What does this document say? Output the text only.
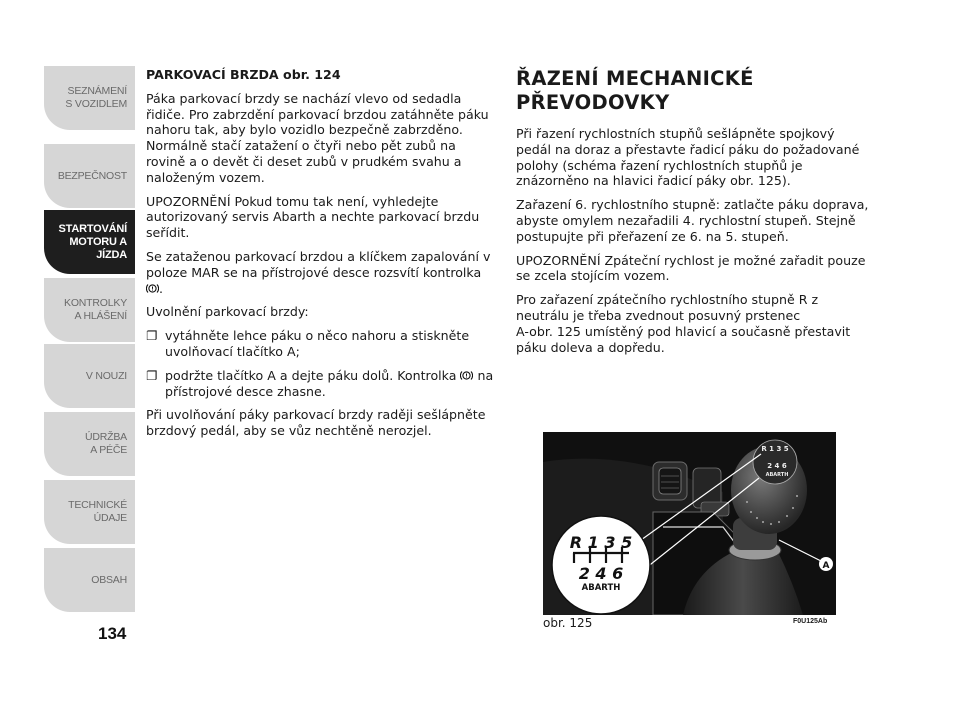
SEZNÁMENÍ
S VOZIDLEM
BEZPEČNOST
STARTOVÁNÍ
MOTORU A JÍZDA
KONTROLKY
A HLÁŠENÍ
V NOUZI
ÚDRŽBA
A PÉČE
TECHNICKÉ
ÚDAJE
OBSAH
134

PARKOVACÍ BRZDA obr. 124

Páka parkovací brzdy se nachází vlevo od sedadla řidiče. Pro zabrzdění parkovací brzdou zatáhněte páku nahoru tak, aby bylo vozidlo bezpečně zabrzděno. Normálně stačí zatažení o čtyři nebo pět zubů na rovině a o devět či deset zubů v prudkém svahu a naloženým vozem.

UPOZORNĚNÍ Pokud tomu tak není, vyhledejte autorizovaný servis Abarth a nechte parkovací brzdu seřídit.

Se zataženou parkovací brzdou a klíčkem zapalování v poloze MAR se na přístrojové desce rozsvítí kontrolka
! .

Uvolnění parkovací brzdy:

❐ vytáhněte lehce páku o něco nahoru a stiskněte uvolňovací tlačítko A;
❐ podržte tlačítko A a dejte páku dolů. Kontrolka ! na přístrojové desce zhasne.

Při uvolňování páky parkovací brzdy raději sešlápněte brzdový pedál, aby se vůz nechtěně nerozjel.

ŘAZENÍ MECHANICKÉ
PŘEVODOVKY

Při řazení rychlostních stupňů sešlápněte spojkový pedál na doraz a přestavte řadicí páku do požadované polohy (schéma řazení rychlostních stupňů je znázorněno na hlavici řadicí páky obr. 125).

Zařazení 6. rychlostního stupně: zatlačte páku doprava, abyste omylem nezařadili 4. rychlostní stupeň. Stejně postupujte při přeřazení ze 6. na 5. stupeň.

UPOZORNĚNÍ Zpáteční rychlost je možné zařadit pouze se zcela stojícím vozem.

Pro zařazení zpátečního rychlostního stupně R z neutrálu je třeba zvednout posuvný prstenec
A-obr. 125 umístěný pod hlavicí a současně přestavit páku doleva a dopředu.

R 1 3 5
2 4 6
ABARTH
R 1 3 5
2 4 6
ABARTH
A
obr. 125	F0U125Ab
